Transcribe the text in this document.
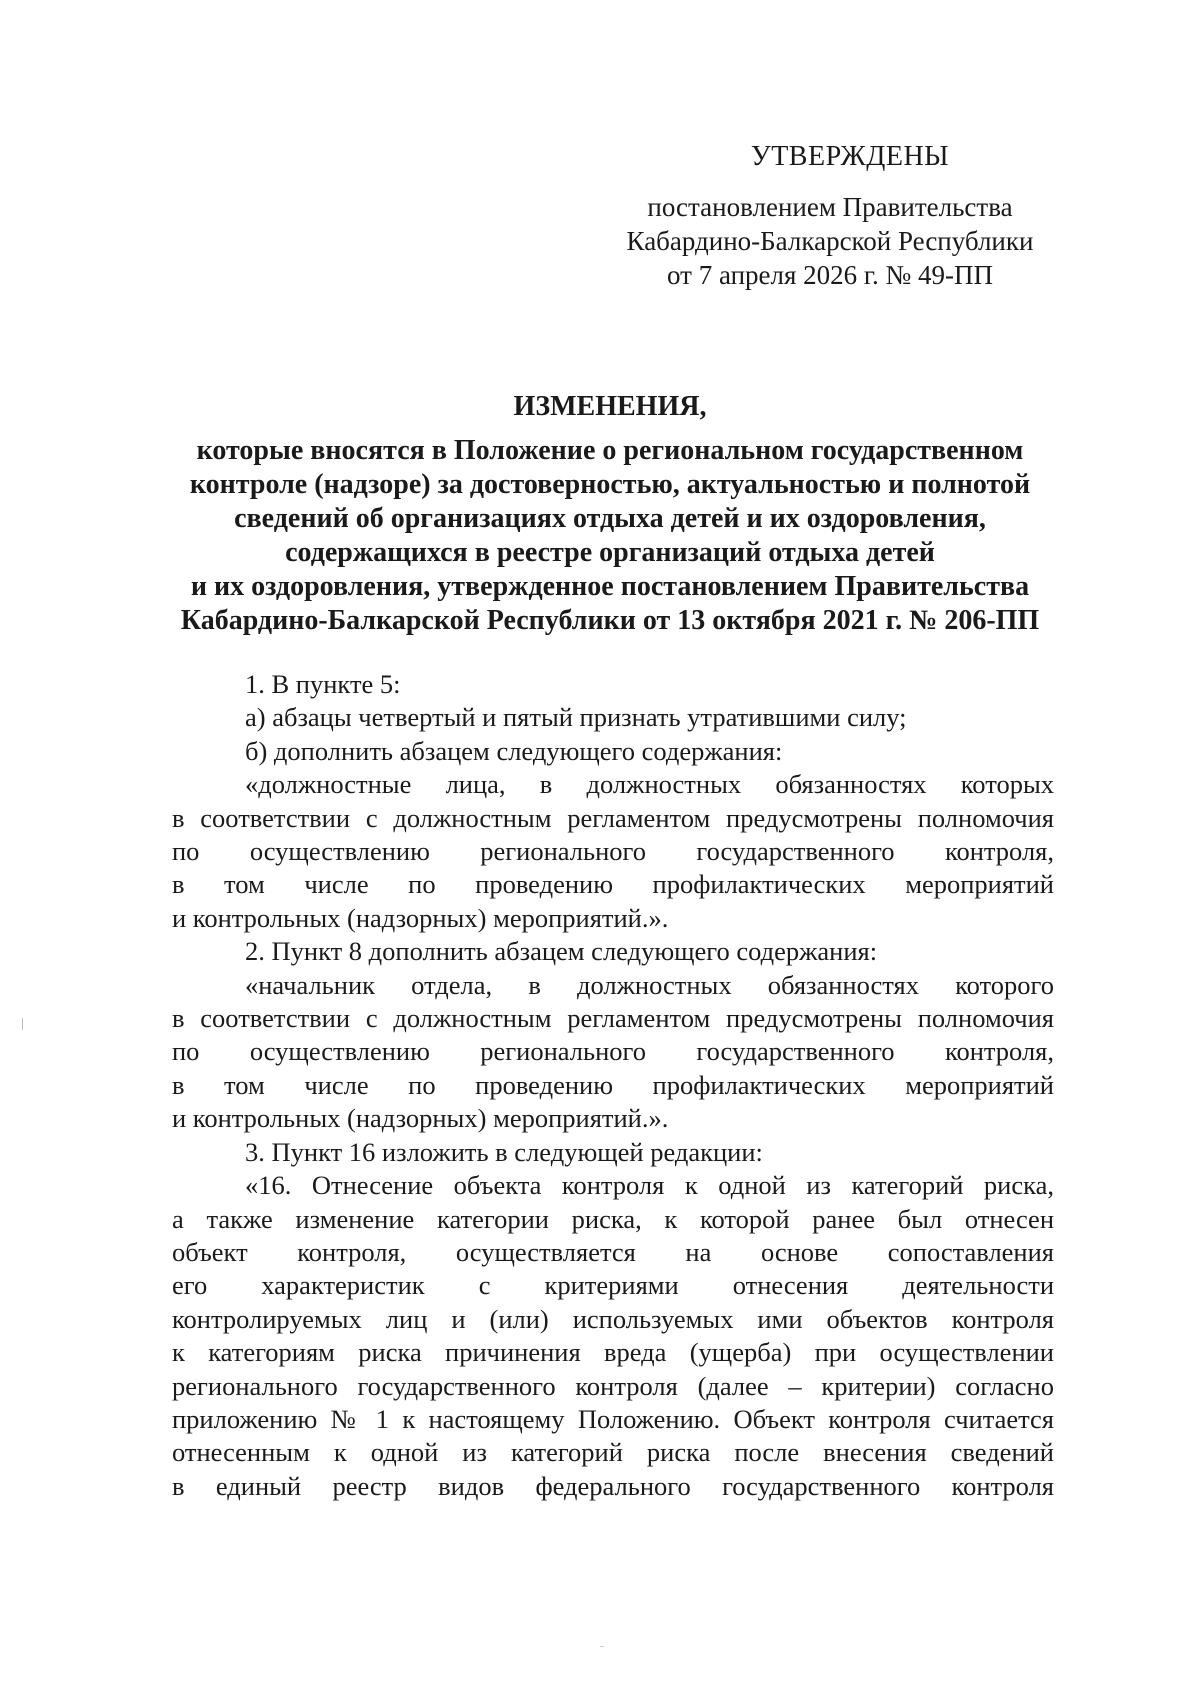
УТВЕРЖДЕНЫ
постановлением Правительства
Кабардино-Балкарской Республики
от 7 апреля 2026 г. № 49-ПП
ИЗМЕНЕНИЯ,
которые вносятся в Положение о региональном государственном
контроле (надзоре) за достоверностью, актуальностью и полнотой
сведений об организациях отдыха детей и их оздоровления,
содержащихся в реестре организаций отдыха детей
и их оздоровления, утвержденное постановлением Правительства
Кабардино-Балкарской Республики от 13 октября 2021 г. № 206-ПП
1. В пункте 5:
а) абзацы четвертый и пятый признать утратившими силу;
б) дополнить абзацем следующего содержания:
«должностные лица, в должностных обязанностях которых
в соответствии с должностным регламентом предусмотрены полномочия
по осуществлению регионального государственного контроля,
в том числе по проведению профилактических мероприятий
и контрольных (надзорных) мероприятий.».
2. Пункт 8 дополнить абзацем следующего содержания:
«начальник отдела, в должностных обязанностях которого
в соответствии с должностным регламентом предусмотрены полномочия
по осуществлению регионального государственного контроля,
в том числе по проведению профилактических мероприятий
и контрольных (надзорных) мероприятий.».
3. Пункт 16 изложить в следующей редакции:
«16. Отнесение объекта контроля к одной из категорий риска,
а также изменение категории риска, к которой ранее был отнесен
объект контроля, осуществляется на основе сопоставления
его характеристик с критериями отнесения деятельности
контролируемых лиц и (или) используемых ими объектов контроля
к категориям риска причинения вреда (ущерба) при осуществлении
регионального государственного контроля (далее – критерии) согласно
приложению № 1 к настоящему Положению. Объект контроля считается
отнесенным к одной из категорий риска после внесения сведений
в единый реестр видов федерального государственного контроля
